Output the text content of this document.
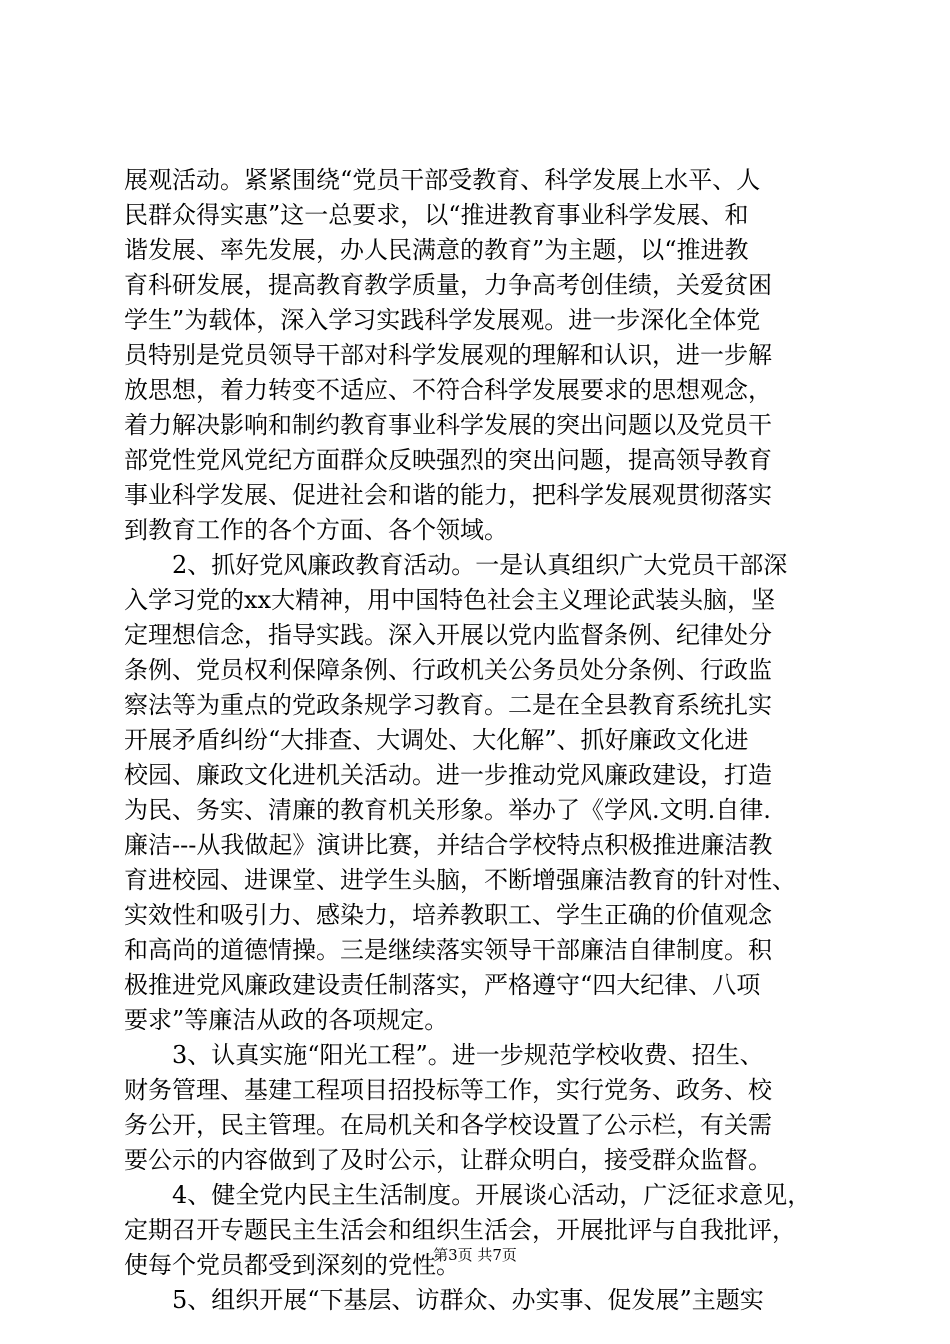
展观活动。紧紧围绕“党员干部受教育、科学发展上水平、人
民群众得实惠”这一总要求，以“推进教育事业科学发展、和
谐发展、率先发展，办人民满意的教育”为主题，以“推进教
育科研发展，提高教育教学质量，力争高考创佳绩，关爱贫困
学生”为载体，深入学习实践科学发展观。进一步深化全体党
员特别是党员领导干部对科学发展观的理解和认识，进一步解
放思想，着力转变不适应、不符合科学发展要求的思想观念，
着力解决影响和制约教育事业科学发展的突出问题以及党员干
部党性党风党纪方面群众反映强烈的突出问题，提高领导教育
事业科学发展、促进社会和谐的能力，把科学发展观贯彻落实
到教育工作的各个方面、各个领域。
2、抓好党风廉政教育活动。一是认真组织广大党员干部深
入学习党的xx大精神，用中国特色社会主义理论武装头脑，坚
定理想信念，指导实践。深入开展以党内监督条例、纪律处分
条例、党员权利保障条例、行政机关公务员处分条例、行政监
察法等为重点的党政条规学习教育。二是在全县教育系统扎实
开展矛盾纠纷“大排查、大调处、大化解”、抓好廉政文化进
校园、廉政文化进机关活动。进一步推动党风廉政建设，打造
为民、务实、清廉的教育机关形象。举办了《学风.文明.自律.
廉洁---从我做起》演讲比赛，并结合学校特点积极推进廉洁教
育进校园、进课堂、进学生头脑，不断增强廉洁教育的针对性、
实效性和吸引力、感染力，培养教职工、学生正确的价值观念
和高尚的道德情操。三是继续落实领导干部廉洁自律制度。积
极推进党风廉政建设责任制落实，严格遵守“四大纪律、八项
要求”等廉洁从政的各项规定。
3、认真实施“阳光工程”。进一步规范学校收费、招生、
财务管理、基建工程项目招投标等工作，实行党务、政务、校
务公开，民主管理。在局机关和各学校设置了公示栏，有关需
要公示的内容做到了及时公示，让群众明白，接受群众监督。
4、健全党内民主生活制度。开展谈心活动，广泛征求意见，
定期召开专题民主生活会和组织生活会，开展批评与自我批评，
使每个党员都受到深刻的党性。
5、组织开展“下基层、访群众、办实事、促发展”主题实
第3页 共7页
